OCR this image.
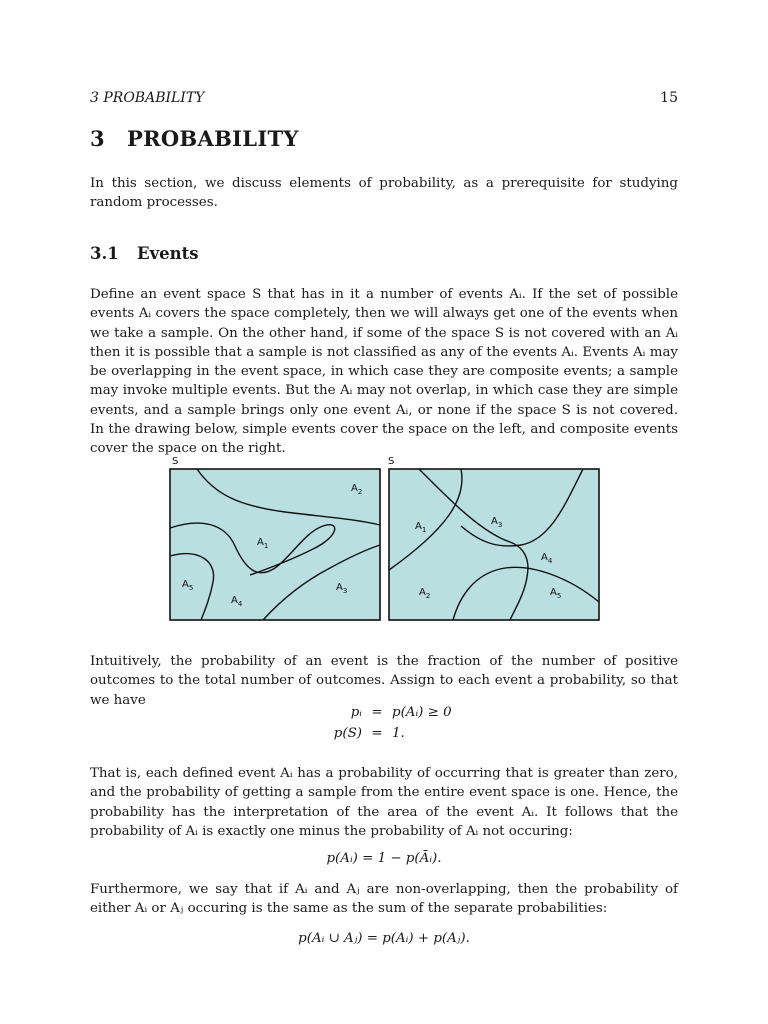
3 PROBABILITY	15
3 PROBABILITY
In this section, we discuss elements of probability, as a prerequisite for studying random processes.
3.1 Events
Define an event space S that has in it a number of events Aᵢ. If the set of possible events Aᵢ covers the space completely, then we will always get one of the events when we take a sample. On the other hand, if some of the space S is not covered with an Aᵢ then it is possible that a sample is not classified as any of the events Aᵢ. Events Aᵢ may be overlapping in the event space, in which case they are composite events; a sample may invoke multiple events. But the Aᵢ may not overlap, in which case they are simple events, and a sample brings only one event Aᵢ, or none if the space S is not covered. In the drawing below, simple events cover the space on the left, and composite events cover the space on the right.
S
$A_2$
$A_1$
$A_5$
$A_4$
$A_3$
S
$A_1$
$A_3$
$A_4$
$A_2$	$A_5$
Intuitively, the probability of an event is the fraction of the number of positive outcomes to the total number of outcomes. Assign to each event a probability, so that we have
pᵢ = p(Aᵢ) ≥ 0
p(S) = 1.
That is, each defined event Aᵢ has a probability of occurring that is greater than zero, and the probability of getting a sample from the entire event space is one. Hence, the probability has the interpretation of the area of the event Aᵢ. It follows that the probability of Aᵢ is exactly one minus the probability of Aᵢ not occuring:
p(Aᵢ) = 1 − p(Āᵢ).
Furthermore, we say that if Aᵢ and Aⱼ are non-overlapping, then the probability of either Aᵢ or Aⱼ occuring is the same as the sum of the separate probabilities:
p(Aᵢ ∪ Aⱼ) = p(Aᵢ) + p(Aⱼ).
